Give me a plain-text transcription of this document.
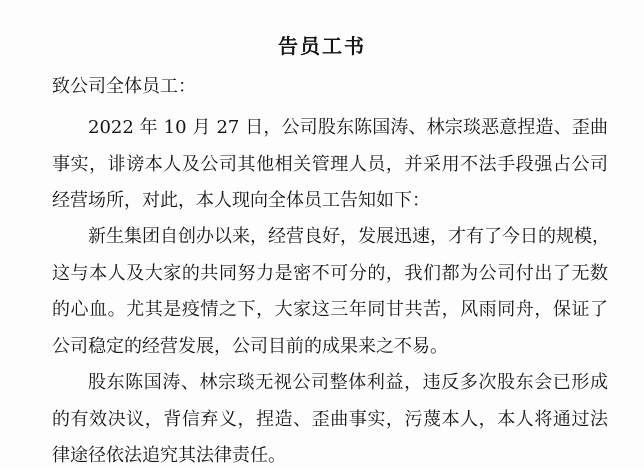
告员工书
致公司全体员工：
2022 年 10 月 27 日，公司股东陈国涛、林宗琰恶意捏造、歪曲
事实，诽谤本人及公司其他相关管理人员，并采用不法手段强占公司
经营场所，对此，本人现向全体员工告知如下：
新生集团自创办以来，经营良好，发展迅速，才有了今日的规模，
这与本人及大家的共同努力是密不可分的，我们都为公司付出了无数
的心血。尤其是疫情之下，大家这三年同甘共苦，风雨同舟，保证了
公司稳定的经营发展，公司目前的成果来之不易。
股东陈国涛、林宗琰无视公司整体利益，违反多次股东会已形成
的有效决议，背信弃义，捏造、歪曲事实，污蔑本人，本人将通过法
律途径依法追究其法律责任。
